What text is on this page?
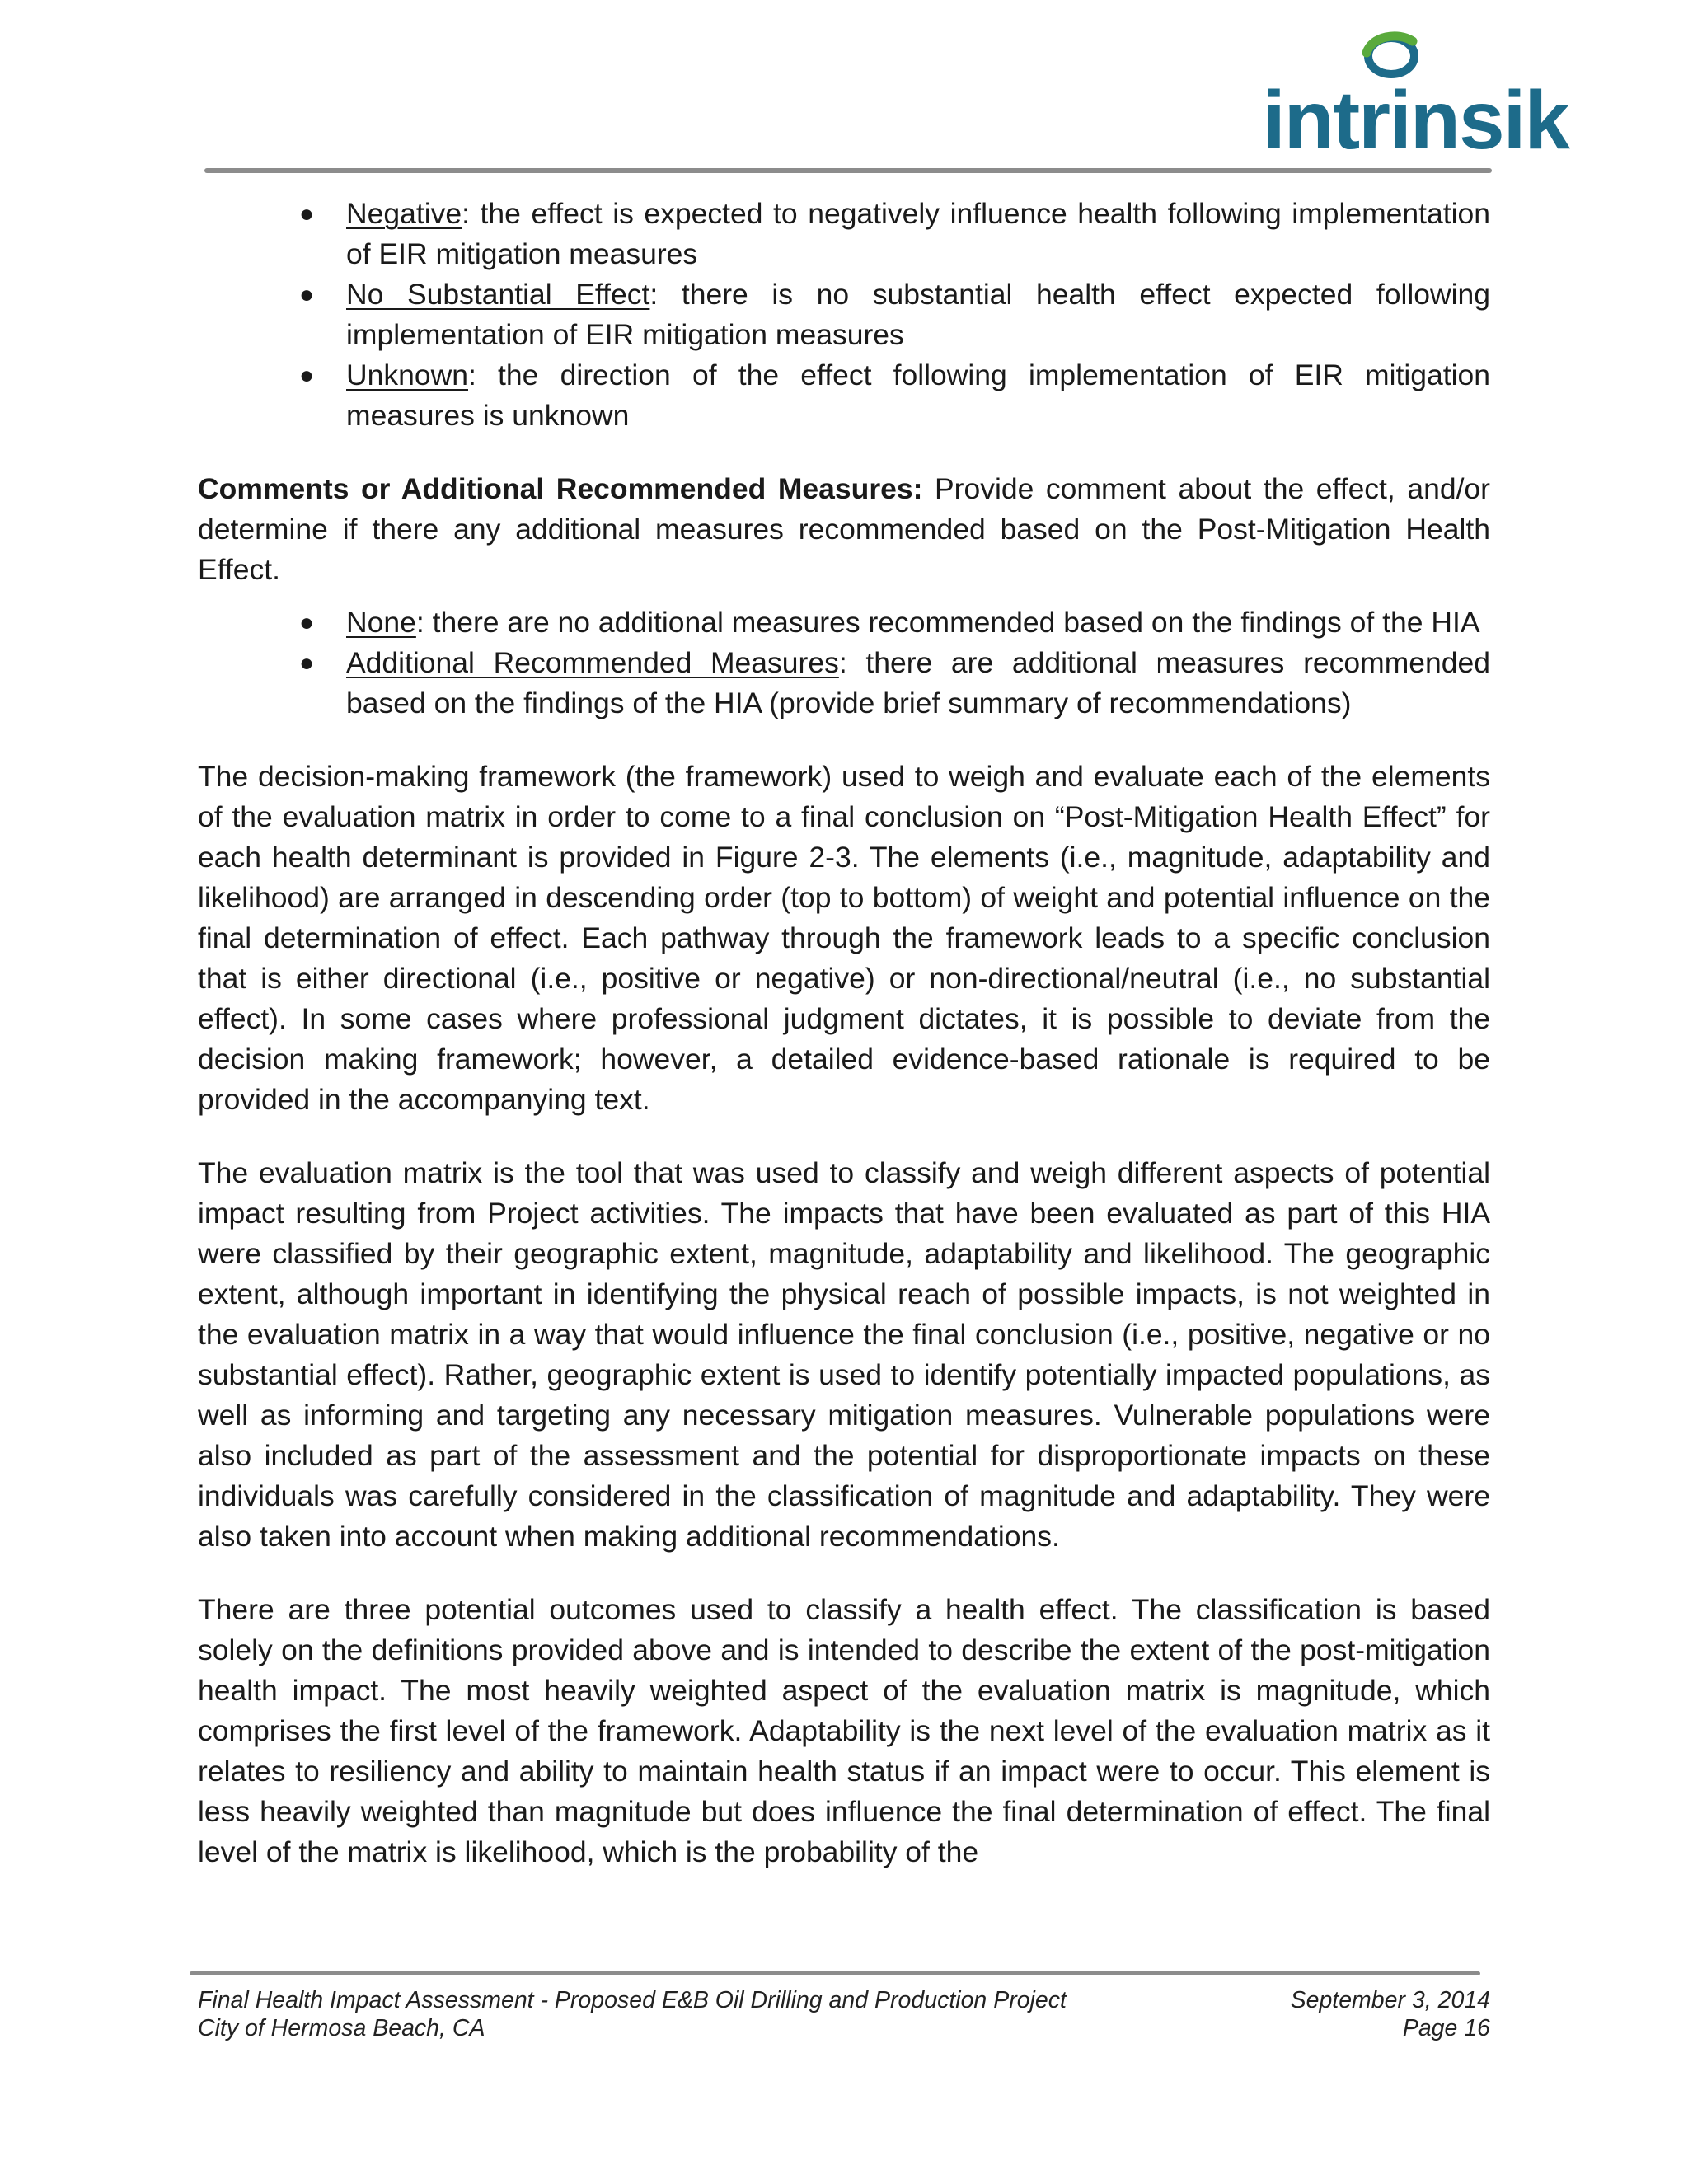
intrinsik
● Negative: the effect is expected to negatively influence health following implementation of EIR mitigation measures
● No Substantial Effect: there is no substantial health effect expected following implementation of EIR mitigation measures
● Unknown: the direction of the effect following implementation of EIR mitigation measures is unknown

Comments or Additional Recommended Measures: Provide comment about the effect, and/or determine if there any additional measures recommended based on the Post-Mitigation Health Effect.

● None: there are no additional measures recommended based on the findings of the HIA
● Additional Recommended Measures: there are additional measures recommended based on the findings of the HIA (provide brief summary of recommendations)

The decision-making framework (the framework) used to weigh and evaluate each of the elements of the evaluation matrix in order to come to a final conclusion on “Post-Mitigation Health Effect” for each health determinant is provided in Figure 2-3. The elements (i.e., magnitude, adaptability and likelihood) are arranged in descending order (top to bottom) of weight and potential influence on the final determination of effect. Each pathway through the framework leads to a specific conclusion that is either directional (i.e., positive or negative) or non-directional/neutral (i.e., no substantial effect). In some cases where professional judgment dictates, it is possible to deviate from the decision making framework; however, a detailed evidence-based rationale is required to be provided in the accompanying text.

The evaluation matrix is the tool that was used to classify and weigh different aspects of potential impact resulting from Project activities. The impacts that have been evaluated as part of this HIA were classified by their geographic extent, magnitude, adaptability and likelihood. The geographic extent, although important in identifying the physical reach of possible impacts, is not weighted in the evaluation matrix in a way that would influence the final conclusion (i.e., positive, negative or no substantial effect). Rather, geographic extent is used to identify potentially impacted populations, as well as informing and targeting any necessary mitigation measures. Vulnerable populations were also included as part of the assessment and the potential for disproportionate impacts on these individuals was carefully considered in the classification of magnitude and adaptability. They were also taken into account when making additional recommendations.

There are three potential outcomes used to classify a health effect. The classification is based solely on the definitions provided above and is intended to describe the extent of the post-mitigation health impact. The most heavily weighted aspect of the evaluation matrix is magnitude, which comprises the first level of the framework. Adaptability is the next level of the evaluation matrix as it relates to resiliency and ability to maintain health status if an impact were to occur. This element is less heavily weighted than magnitude but does influence the final determination of effect. The final level of the matrix is likelihood, which is the probability of the

Final Health Impact Assessment - Proposed E&B Oil Drilling and Production Project	September 3, 2014
City of Hermosa Beach, CA	Page 16
